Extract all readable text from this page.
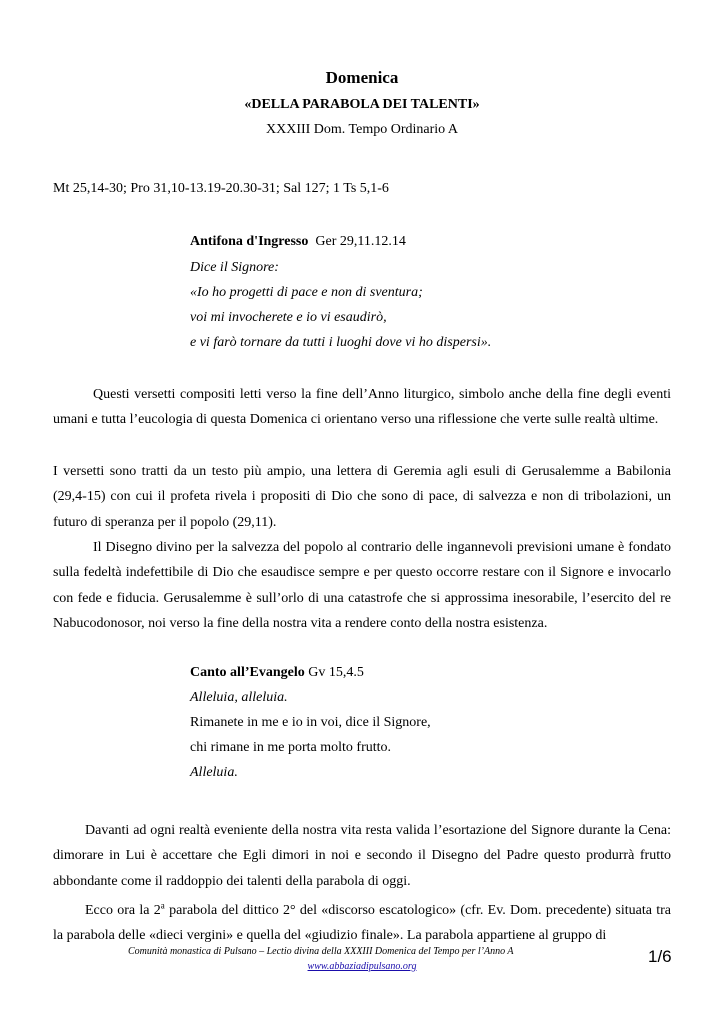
Domenica
«DELLA PARABOLA DEI TALENTI»
XXXIII Dom. Tempo Ordinario A
Mt 25,14-30; Pro 31,10-13.19-20.30-31; Sal 127; 1 Ts 5,1-6
Antifona d'Ingresso Ger 29,11.12.14
Dice il Signore:
«Io ho progetti di pace e non di sventura;
voi mi invocherete e io vi esaudirò,
e vi farò tornare da tutti i luoghi dove vi ho dispersi».

Questi versetti compositi letti verso la fine dell’Anno liturgico, simbolo anche della fine degli eventi umani e tutta l’eucologia di questa Domenica ci orientano verso una riflessione che verte sulle realtà ultime.

I versetti sono tratti da un testo più ampio, una lettera di Geremia agli esuli di Gerusalemme a Babilonia (29,4-15) con cui il profeta rivela i propositi di Dio che sono di pace, di salvezza e non di tribolazioni, un futuro di speranza per il popolo (29,11).

Il Disegno divino per la salvezza del popolo al contrario delle ingannevoli previsioni umane è fondato sulla fedeltà indefettibile di Dio che esaudisce sempre e per questo occorre restare con il Signore e invocarlo con fede e fiducia. Gerusalemme è sull’orlo di una catastrofe che si approssima inesorabile, l’esercito del re Nabucodonosor, noi verso la fine della nostra vita a rendere conto della nostra esistenza.

Canto all’Evangelo Gv 15,4.5
Alleluia, alleluia.
Rimanete in me e io in voi, dice il Signore,
chi rimane in me porta molto frutto.
Alleluia.

Davanti ad ogni realtà eveniente della nostra vita resta valida l’esortazione del Signore durante la Cena: dimorare in Lui è accettare che Egli dimori in noi e secondo il Disegno del Padre questo produrrà frutto abbondante come il raddoppio dei talenti della parabola di oggi.

Ecco ora la 2$^a$ parabola del dittico 2° del «discorso escatologico» (cfr. Ev. Dom. precedente) situata tra la parabola delle «dieci vergini» e quella del «giudizio finale». La parabola appartiene al gruppo di

Comunità monastica di Pulsano – Lectio divina della XXXIII Domenica del Tempo per l’Anno A
www.abbaziadipulsano.org
1/6
